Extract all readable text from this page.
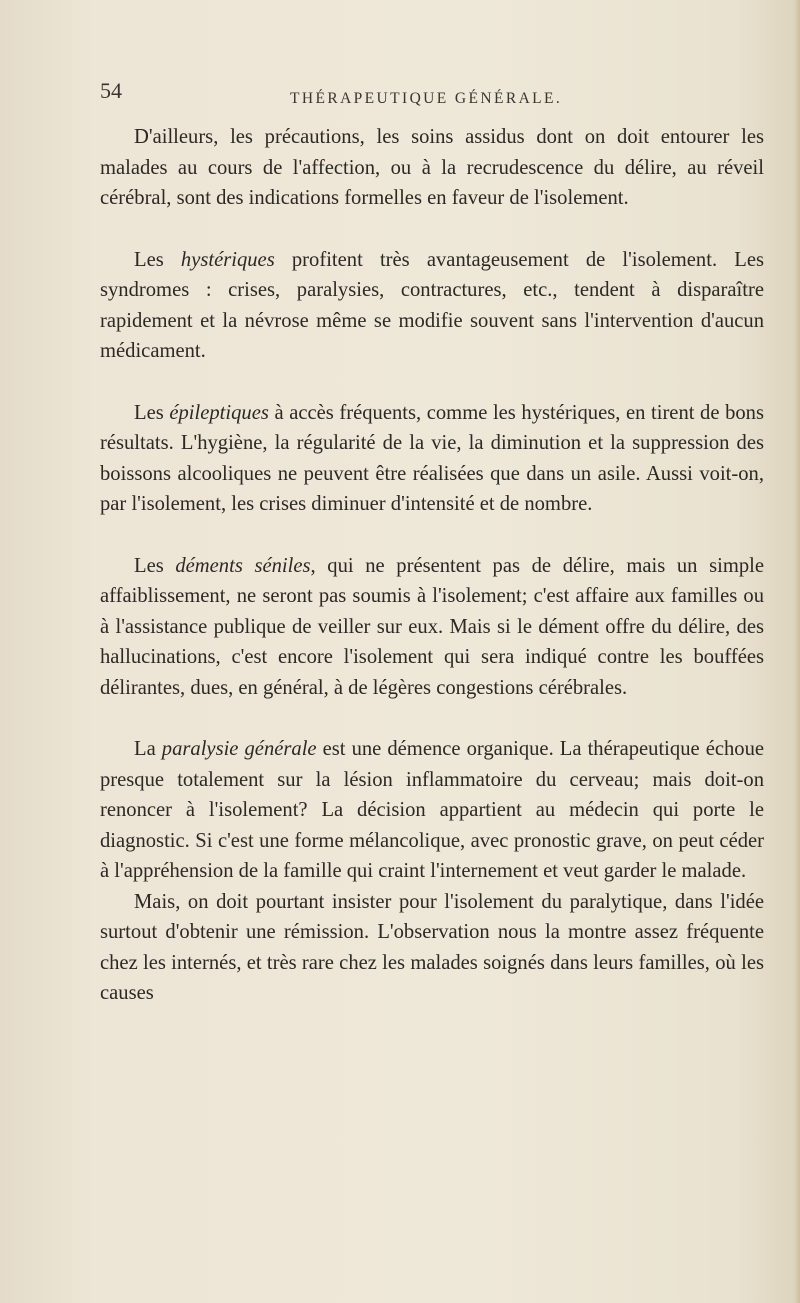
54	THÉRAPEUTIQUE GÉNÉRALE.

D'ailleurs, les précautions, les soins assidus dont on doit entourer les malades au cours de l'affection, ou à la recrudescence du délire, au réveil cérébral, sont des indications formelles en faveur de l'isolement.

Les hystériques profitent très avantageusement de l'isolement. Les syndromes : crises, paralysies, contractures, etc., tendent à disparaître rapidement et la névrose même se modifie souvent sans l'intervention d'aucun médicament.

Les épileptiques à accès fréquents, comme les hystériques, en tirent de bons résultats. L'hygiène, la régularité de la vie, la diminution et la suppression des boissons alcooliques ne peuvent être réalisées que dans un asile. Aussi voit-on, par l'isolement, les crises diminuer d'intensité et de nombre.

Les déments séniles, qui ne présentent pas de délire, mais un simple affaiblissement, ne seront pas soumis à l'isolement; c'est affaire aux familles ou à l'assistance publique de veiller sur eux. Mais si le dément offre du délire, des hallucinations, c'est encore l'isolement qui sera indiqué contre les bouffées délirantes, dues, en général, à de légères congestions cérébrales.

La paralysie générale est une démence organique. La thérapeutique échoue presque totalement sur la lésion inflammatoire du cerveau; mais doit-on renoncer à l'isolement? La décision appartient au médecin qui porte le diagnostic. Si c'est une forme mélancolique, avec pronostic grave, on peut céder à l'appréhension de la famille qui craint l'internement et veut garder le malade.

Mais, on doit pourtant insister pour l'isolement du paralytique, dans l'idée surtout d'obtenir une rémission. L'observation nous la montre assez fréquente chez les internés, et très rare chez les malades soignés dans leurs familles, où les causes
